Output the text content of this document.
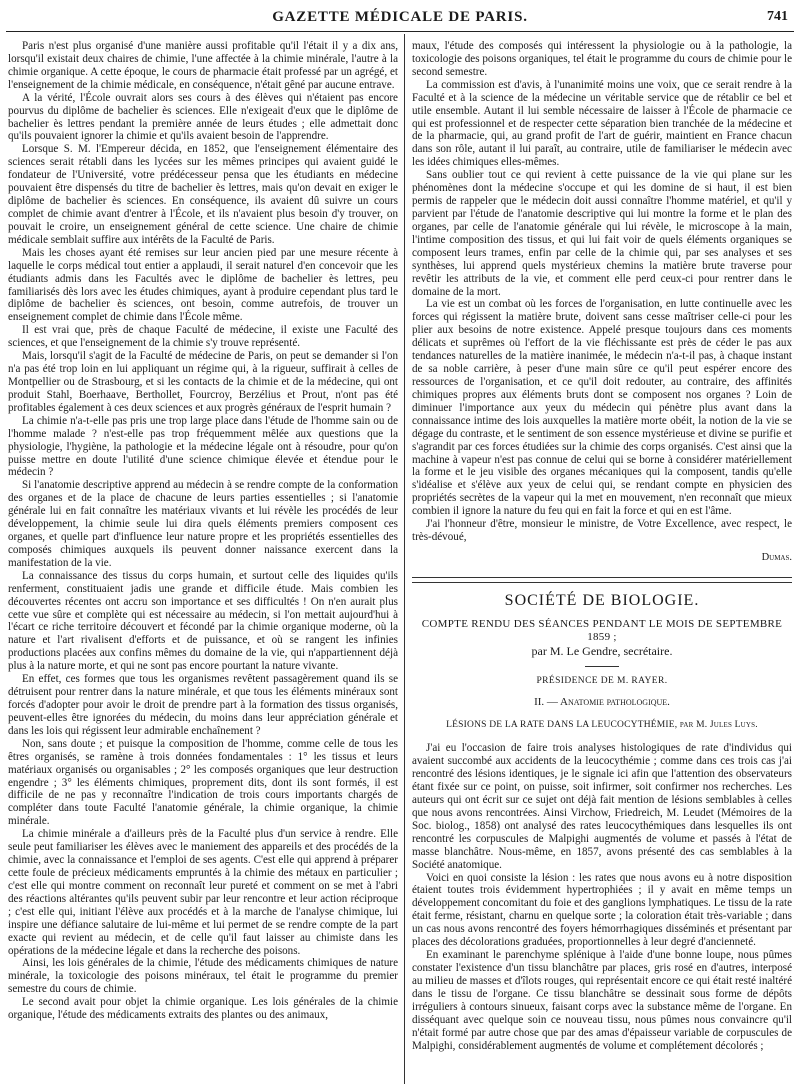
GAZETTE MÉDICALE DE PARIS.	741

Paris n'est plus organisé d'une manière aussi profitable qu'il l'était il y a dix ans, lorsqu'il existait deux chaires de chimie, l'une affectée à la chimie minérale, l'autre à la chimie organique. A cette époque, le cours de pharmacie était professé par un agrégé, et l'enseignement de la chimie médicale, en conséquence, n'était gêné par aucune entrave.

A la vérité, l'École ouvrait alors ses cours à des élèves qui n'étaient pas encore pourvus du diplôme de bachelier ès sciences. Elle n'exigeait d'eux que le diplôme de bachelier ès lettres pendant la première année de leurs études ; elle admettait donc qu'ils pouvaient ignorer la chimie et qu'ils avaient besoin de l'apprendre.

Lorsque S. M. l'Empereur décida, en 1852, que l'enseignement élémentaire des sciences serait rétabli dans les lycées sur les mêmes principes qui avaient guidé le fondateur de l'Université, votre prédécesseur pensa que les étudiants en médecine pouvaient être dispensés du titre de bachelier ès lettres, mais qu'on devait en exiger le diplôme de bachelier ès sciences. En conséquence, ils avaient dû suivre un cours complet de chimie avant d'entrer à l'École, et ils n'avaient plus besoin d'y trouver, on pouvait le croire, un enseignement général de cette science. Une chaire de chimie médicale semblait suffire aux intérêts de la Faculté de Paris.

Mais les choses ayant été remises sur leur ancien pied par une mesure récente à laquelle le corps médical tout entier a applaudi, il serait naturel d'en concevoir que les étudiants admis dans les Facultés avec le diplôme de bachelier ès lettres, peu familiarisés dès lors avec les études chimiques, ayant à produire cependant plus tard le diplôme de bachelier ès sciences, ont besoin, comme autrefois, de trouver un enseignement complet de chimie dans l'École même.

Il est vrai que, près de chaque Faculté de médecine, il existe une Faculté des sciences, et que l'enseignement de la chimie s'y trouve représenté.

Mais, lorsqu'il s'agit de la Faculté de médecine de Paris, on peut se demander si l'on n'a pas été trop loin en lui appliquant un régime qui, à la rigueur, suffirait à celles de Montpellier ou de Strasbourg, et si les contacts de la chimie et de la médecine, qui ont produit Stahl, Boerhaave, Berthollet, Fourcroy, Berzélius et Prout, n'ont pas été profitables également à ces deux sciences et aux progrès généraux de l'esprit humain ?

La chimie n'a-t-elle pas pris une trop large place dans l'étude de l'homme sain ou de l'homme malade ? n'est-elle pas trop fréquemment mêlée aux questions que la physiologie, l'hygiène, la pathologie et la médecine légale ont à résoudre, pour qu'on puisse mettre en doute l'utilité d'une science chimique élevée et étendue pour le médecin ?

Si l'anatomie descriptive apprend au médecin à se rendre compte de la conformation des organes et de la place de chacune de leurs parties essentielles ; si l'anatomie générale lui en fait connaître les matériaux vivants et lui révèle les procédés de leur développement, la chimie seule lui dira quels éléments premiers composent ces organes, et quelle part d'influence leur nature propre et les propriétés essentielles des composés chimiques auxquels ils peuvent donner naissance exercent dans la manifestation de la vie.

La connaissance des tissus du corps humain, et surtout celle des liquides qu'ils renferment, constituaient jadis une grande et difficile étude. Mais combien les découvertes récentes ont accru son importance et ses difficultés ! On n'en aurait plus cette vue sûre et complète qui est nécessaire au médecin, si l'on mettait aujourd'hui à l'écart ce riche territoire découvert et fécondé par la chimie organique moderne, où la nature et l'art rivalisent d'efforts et de puissance, et où se rangent les infinies productions placées aux confins mêmes du domaine de la vie, qui n'appartiennent déjà plus à la nature morte, et qui ne sont pas encore pourtant la nature vivante.

En effet, ces formes que tous les organismes revêtent passagèrement quand ils se détruisent pour rentrer dans la nature minérale, et que tous les éléments minéraux sont forcés d'adopter pour avoir le droit de prendre part à la formation des tissus organisés, peuvent-elles être ignorées du médecin, du moins dans leur appréciation générale et dans les lois qui régissent leur admirable enchaînement ?

Non, sans doute ; et puisque la composition de l'homme, comme celle de tous les êtres organisés, se ramène à trois données fondamentales : 1° les tissus et leurs matériaux organisés ou organisables ; 2° les composés organiques que leur destruction engendre ; 3° les éléments chimiques, proprement dits, dont ils sont formés, il est difficile de ne pas y reconnaître l'indication de trois cours importants chargés de compléter dans toute Faculté l'anatomie générale, la chimie organique, la chimie minérale.

La chimie minérale a d'ailleurs près de la Faculté plus d'un service à rendre. Elle seule peut familiariser les élèves avec le maniement des appareils et des procédés de la chimie, avec la connaissance et l'emploi de ses agents. C'est elle qui apprend à préparer cette foule de précieux médicaments empruntés à la chimie des métaux en particulier ; c'est elle qui montre comment on reconnaît leur pureté et comment on se met à l'abri des réactions altérantes qu'ils peuvent subir par leur rencontre et leur action réciproque ; c'est elle qui, initiant l'élève aux procédés et à la marche de l'analyse chimique, lui inspire une défiance salutaire de lui-même et lui permet de se rendre compte de la part exacte qui revient au médecin, et de celle qu'il faut laisser au chimiste dans les opérations de la médecine légale et dans la recherche des poisons.

Ainsi, les lois générales de la chimie, l'étude des médicaments chimiques de nature minérale, la toxicologie des poisons minéraux, tel était le programme du premier semestre du cours de chimie.

Le second avait pour objet la chimie organique. Les lois générales de la chimie organique, l'étude des médicaments extraits des plantes ou des animaux,

maux, l'étude des composés qui intéressent la physiologie ou à la pathologie, la toxicologie des poisons organiques, tel était le programme du cours de chimie pour le second semestre.

La commission est d'avis, à l'unanimité moins une voix, que ce serait rendre à la Faculté et à la science de la médecine un véritable service que de rétablir ce bel et utile ensemble. Autant il lui semble nécessaire de laisser à l'École de pharmacie ce qui est professionnel et de respecter cette séparation bien tranchée de la médecine et de la pharmacie, qui, au grand profit de l'art de guérir, maintient en France chacun dans son rôle, autant il lui paraît, au contraire, utile de familiariser le médecin avec les idées chimiques elles-mêmes.

Sans oublier tout ce qui revient à cette puissance de la vie qui plane sur les phénomènes dont la médecine s'occupe et qui les domine de si haut, il est bien permis de rappeler que le médecin doit aussi connaître l'homme matériel, et qu'il y parvient par l'étude de l'anatomie descriptive qui lui montre la forme et le plan des organes, par celle de l'anatomie générale qui lui révèle, le microscope à la main, l'intime composition des tissus, et qui lui fait voir de quels éléments organiques se composent leurs trames, enfin par celle de la chimie qui, par ses analyses et ses synthèses, lui apprend quels mystérieux chemins la matière brute traverse pour revêtir les attributs de la vie, et comment elle perd ceux-ci pour rentrer dans le domaine de la mort.

La vie est un combat où les forces de l'organisation, en lutte continuelle avec les forces qui régissent la matière brute, doivent sans cesse maîtriser celle-ci pour les plier aux besoins de notre existence. Appelé presque toujours dans ces moments délicats et suprêmes où l'effort de la vie fléchissante est près de céder le pas aux tendances naturelles de la matière inanimée, le médecin n'a-t-il pas, à chaque instant de sa noble carrière, à peser d'une main sûre ce qu'il peut espérer encore des ressources de l'organisation, et ce qu'il doit redouter, au contraire, des affinités chimiques propres aux éléments bruts dont se composent nos organes ? Loin de diminuer l'importance aux yeux du médecin qui pénètre plus avant dans la connaissance intime des lois auxquelles la matière morte obéit, la notion de la vie se dégage du contraste, et le sentiment de son essence mystérieuse et divine se purifie et s'agrandit par ces forces étudiées sur la chimie des corps organisés. C'est ainsi que la machine à vapeur n'est pas connue de celui qui se borne à considérer matériellement la forme et le jeu visible des organes mécaniques qui la composent, tandis qu'elle s'idéalise et s'élève aux yeux de celui qui, se rendant compte en physicien des propriétés secrètes de la vapeur qui la met en mouvement, n'en reconnaît que mieux combien il ignore la nature du feu qui en fait la force et qui en est l'âme.

J'ai l'honneur d'être, monsieur le ministre, de Votre Excellence, avec respect, le très-dévoué,

Dumas.

SOCIÉTÉ DE BIOLOGIE.
COMPTE RENDU DES SÉANCES PENDANT LE MOIS DE SEPTEMBRE 1859 ;
par M. Le Gendre, secrétaire.
PRÉSIDENCE DE M. RAYER.
II. — Anatomie pathologique.
LÉSIONS DE LA RATE DANS LA LEUCOCYTHÉMIE, par M. Jules Luys.

J'ai eu l'occasion de faire trois analyses histologiques de rate d'individus qui avaient succombé aux accidents de la leucocythémie ; comme dans ces trois cas j'ai rencontré des lésions identiques, je le signale ici afin que l'attention des observateurs étant fixée sur ce point, on puisse, soit infirmer, soit confirmer nos recherches. Les auteurs qui ont écrit sur ce sujet ont déjà fait mention de lésions semblables à celles que nous avons rencontrées. Ainsi Virchow, Friedreich, M. Leudet (Mémoires de la Soc. biolog., 1858) ont analysé des rates leucocythémiques dans lesquelles ils ont rencontré les corpuscules de Malpighi augmentés de volume et passés à l'état de masse blanchâtre. Nous-même, en 1857, avons présenté des cas semblables à la Société anatomique.

Voici en quoi consiste la lésion : les rates que nous avons eu à notre disposition étaient toutes trois évidemment hypertrophiées ; il y avait en même temps un développement concomitant du foie et des ganglions lymphatiques. Le tissu de la rate était ferme, résistant, charnu en quelque sorte ; la coloration était très-variable ; dans un cas nous avons rencontré des foyers hémorrhagiques disséminés et présentant par places des décolorations graduées, proportionnelles à leur degré d'ancienneté.

En examinant le parenchyme splénique à l'aide d'une bonne loupe, nous pûmes constater l'existence d'un tissu blanchâtre par places, gris rosé en d'autres, interposé au milieu de masses et d'îlots rouges, qui représentait encore ce qui était resté inaltéré dans le tissu de l'organe. Ce tissu blanchâtre se dessinait sous forme de dépôts irréguliers à contours sinueux, faisant corps avec la substance même de l'organe. En disséquant avec quelque soin ce nouveau tissu, nous pûmes nous convaincre qu'il n'était formé par autre chose que par des amas d'épaisseur variable de corpuscules de Malpighi, considérablement augmentés de volume et complétement décolorés ;
